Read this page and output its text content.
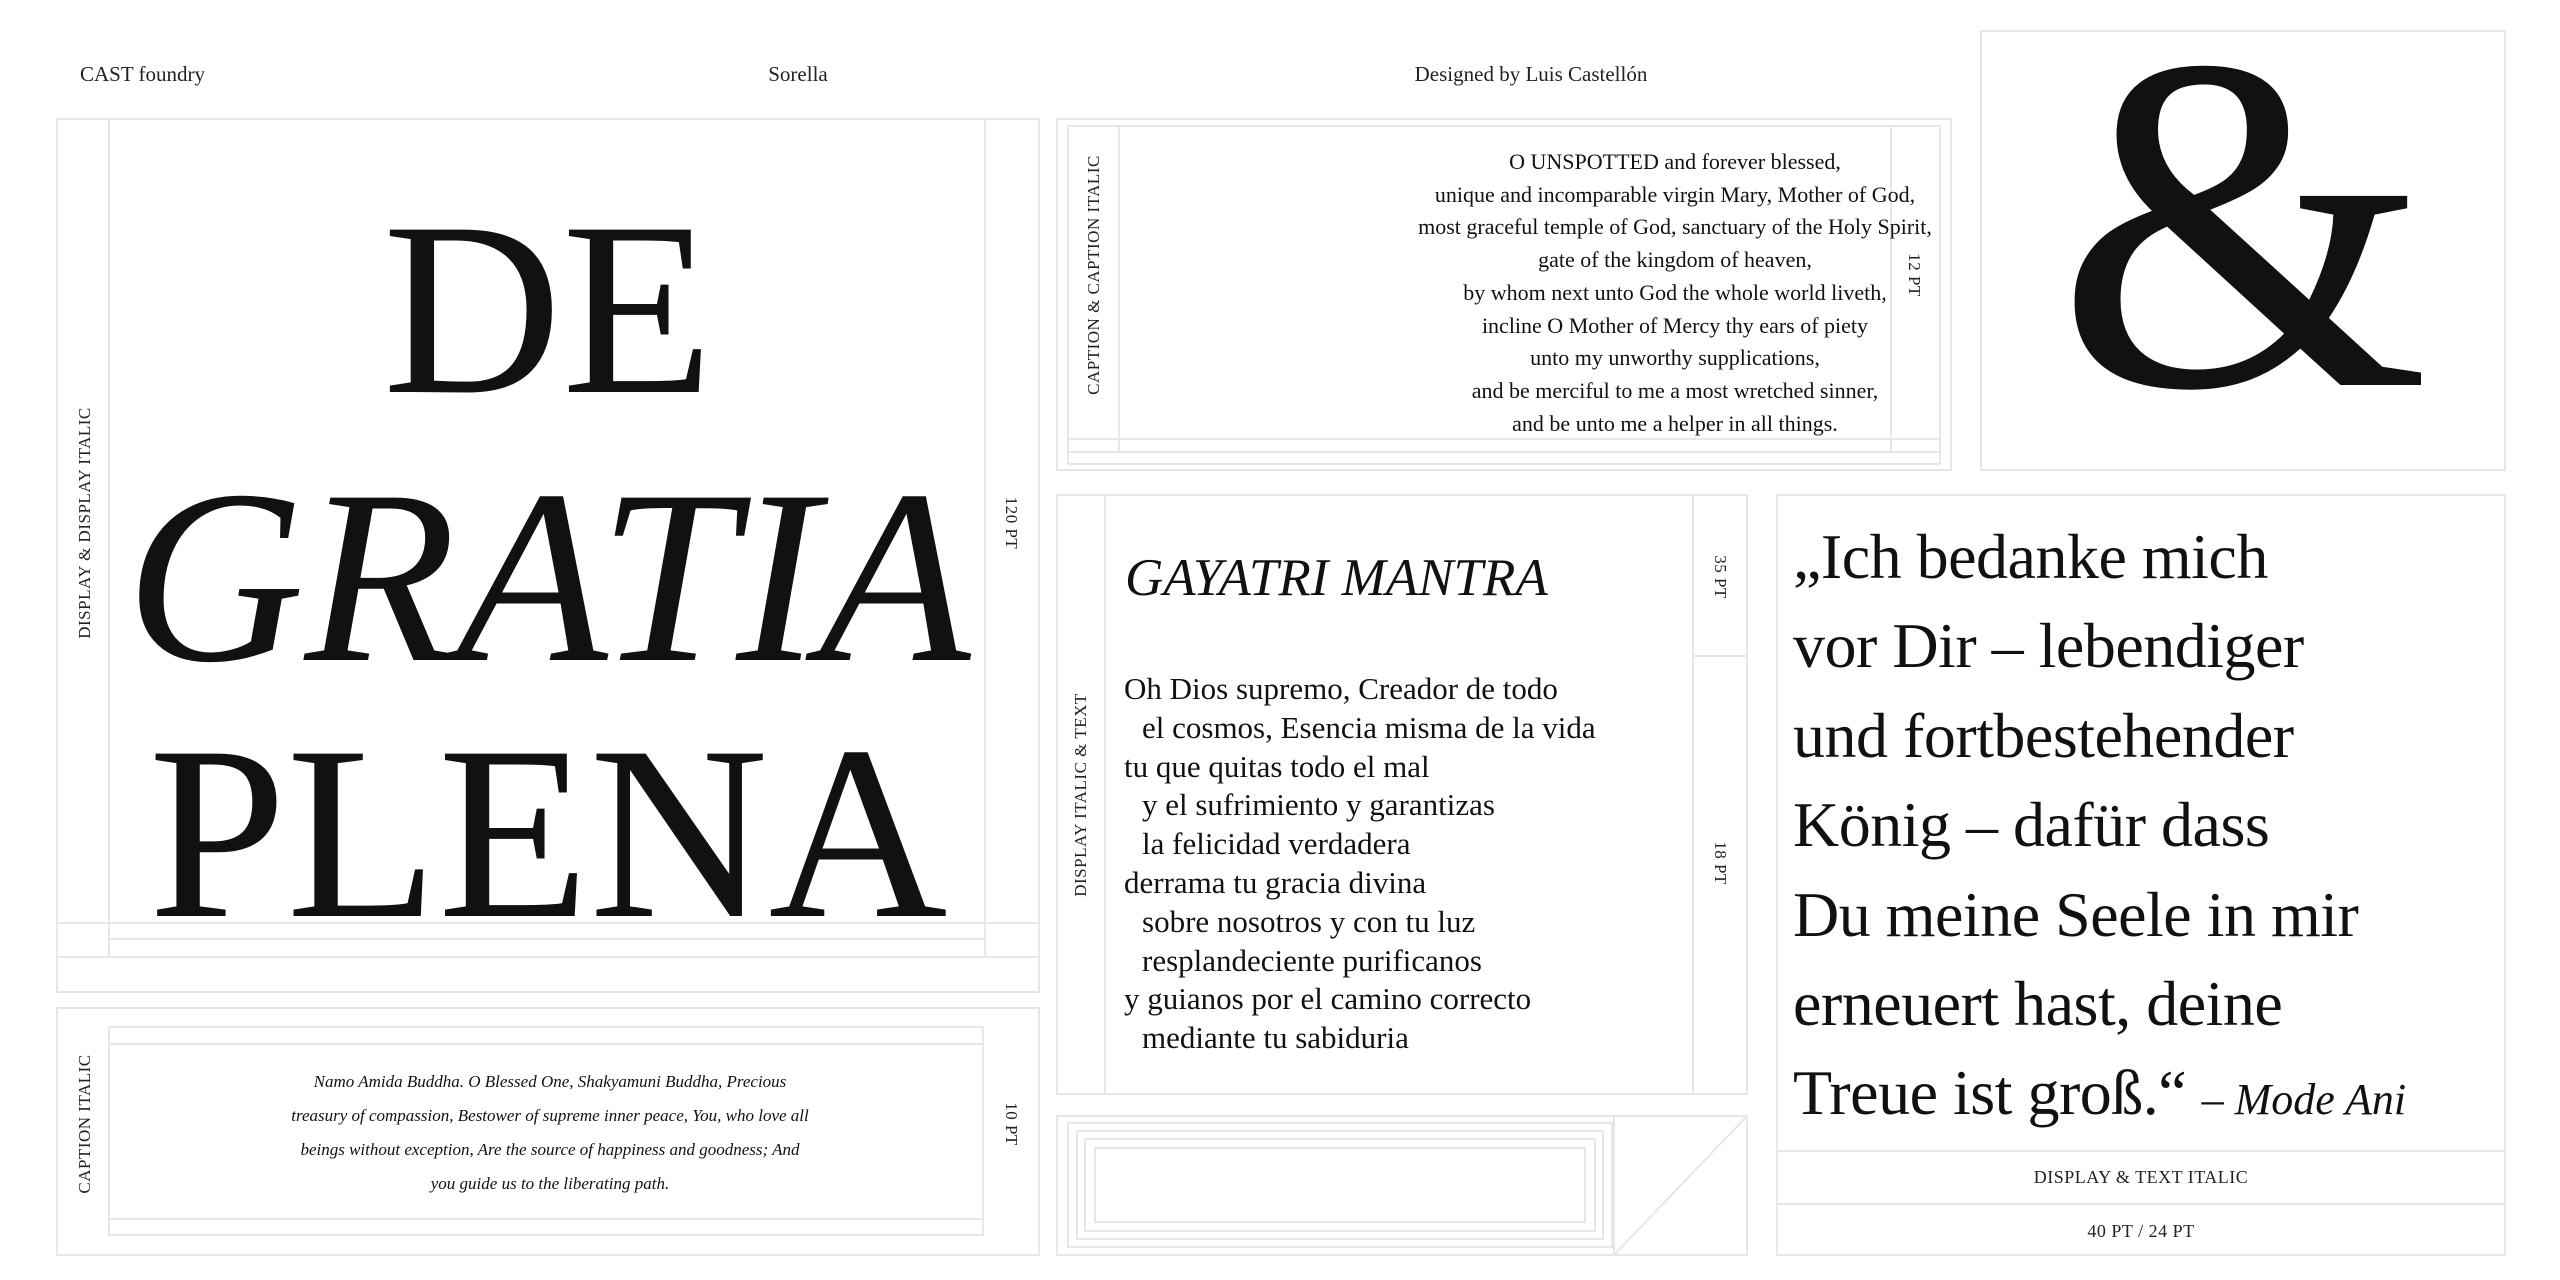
CAST foundry	Sorella	Designed by Luis Castellón
DISPLAY & DISPLAY ITALIC	120 PT
DE
GRATIA
PLENA
CAPTION ITALIC	10 PT
Namo Amida Buddha. O Blessed One, Shakyamuni Buddha, Precious
treasury of compassion, Bestower of supreme inner peace, You, who love all
beings without exception, Are the source of happiness and goodness; And
you guide us to the liberating path.
CAPTION & CAPTION ITALIC	12 PT
O UNSPOTTED and forever blessed,
unique and incomparable virgin Mary, Mother of God,
most graceful temple of God, sanctuary of the Holy Spirit,
gate of the kingdom of heaven,
by whom next unto God the whole world liveth,
incline O Mother of Mercy thy ears of piety
unto my unworthy supplications,
and be merciful to me a most wretched sinner,
and be unto me a helper in all things. &
DISPLAY ITALIC & TEXT
35 PT
18 PT
GAYATRI MANTRA
Oh Dios supremo, Creador de todo
el cosmos, Esencia misma de la vida
tu que quitas todo el mal
y el sufrimiento y garantizas
la felicidad verdadera
derrama tu gracia divina
sobre nosotros y con tu luz
resplandeciente purificanos
y guianos por el camino correcto
mediante tu sabiduria
„Ich bedanke mich
vor Dir – lebendiger
und fortbestehender
König – dafür dass
Du meine Seele in mir
erneuert hast, deine
Treue ist groß.“ – Mode Ani
DISPLAY & TEXT ITALIC
40 PT / 24 PT
